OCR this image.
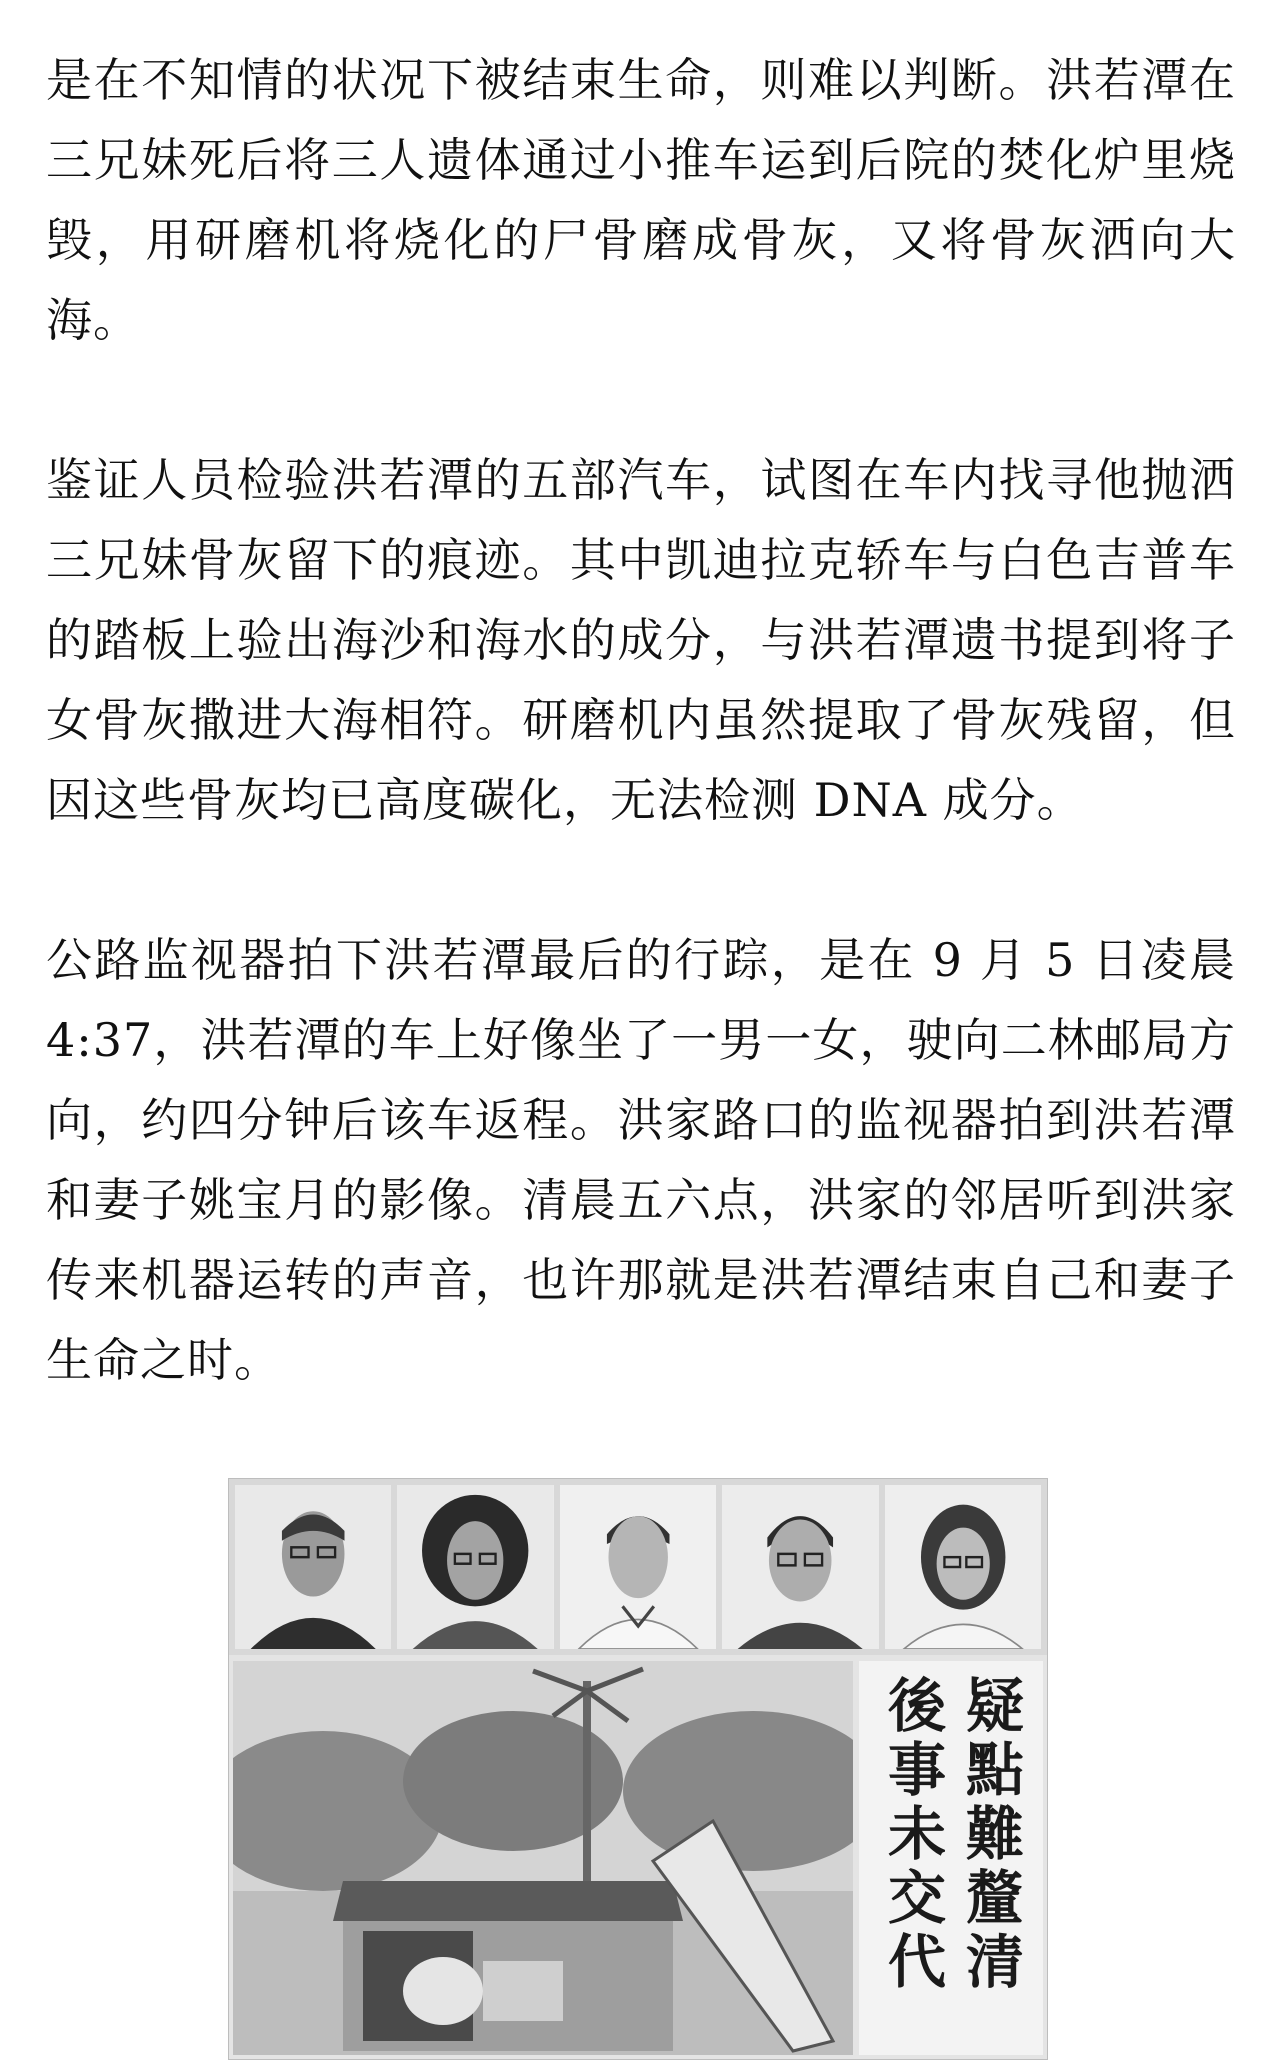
是在不知情的状况下被结束生命，则难以判断。洪若潭在三兄妹死后将三人遗体通过小推车运到后院的焚化炉里烧毁，用研磨机将烧化的尸骨磨成骨灰，又将骨灰洒向大海。

鉴证人员检验洪若潭的五部汽车，试图在车内找寻他抛洒三兄妹骨灰留下的痕迹。其中凯迪拉克轿车与白色吉普车的踏板上验出海沙和海水的成分，与洪若潭遗书提到将子女骨灰撒进大海相符。研磨机内虽然提取了骨灰残留，但因这些骨灰均已高度碳化，无法检测 DNA 成分。

公路监视器拍下洪若潭最后的行踪，是在 9 月 5 日凌晨 4:37，洪若潭的车上好像坐了一男一女，驶向二林邮局方向，约四分钟后该车返程。洪家路口的监视器拍到洪若潭和妻子姚宝月的影像。清晨五六点，洪家的邻居听到洪家传来机器运转的声音，也许那就是洪若潭结束自己和妻子生命之时。

疑點難釐清
後事未交代
